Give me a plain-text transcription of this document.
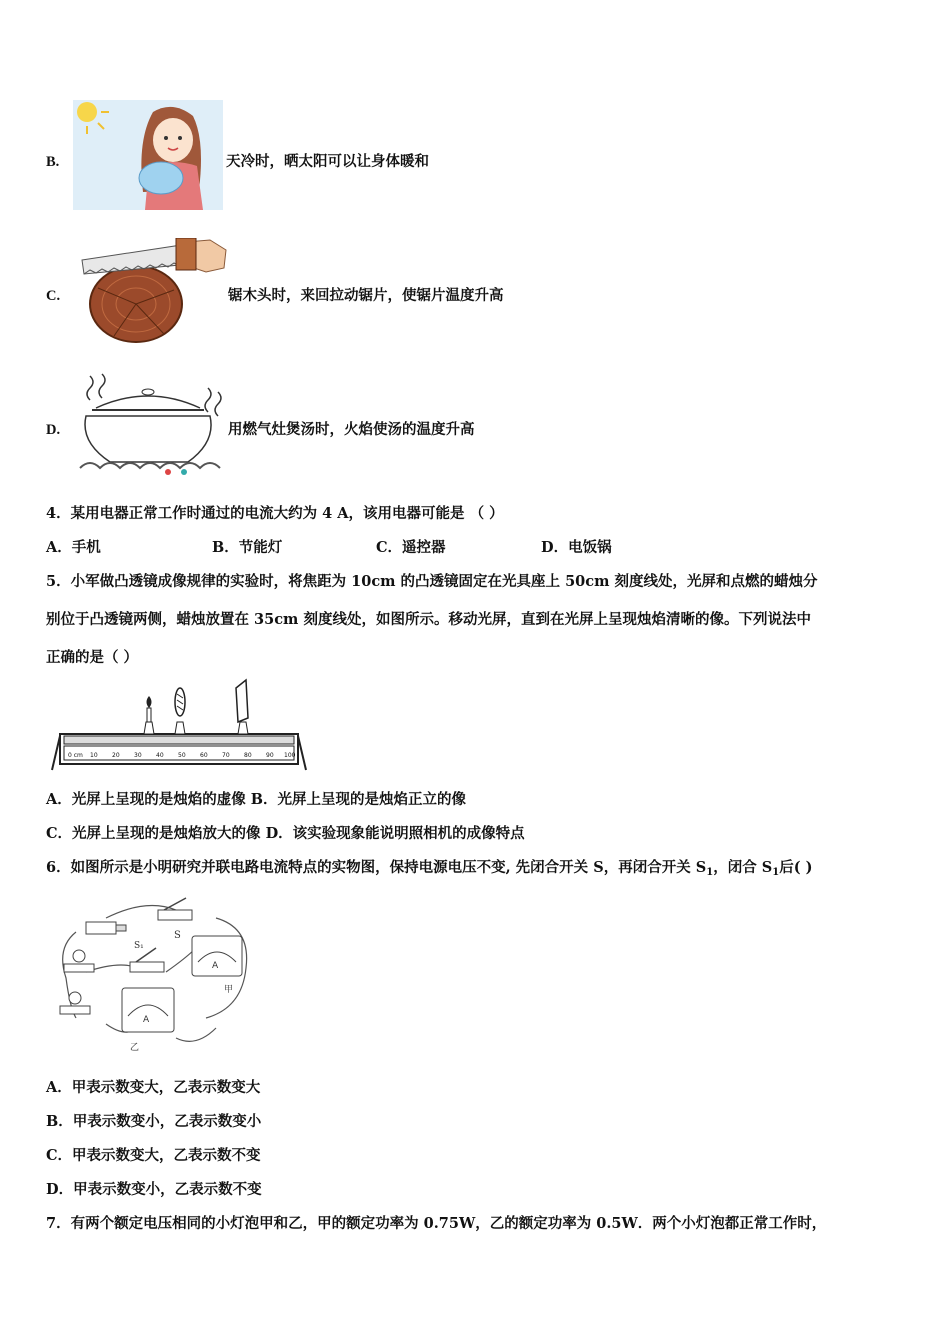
B.	天冷时，晒太阳可以让身体暖和
C.	锯木头时，来回拉动锯片，使锯片温度升高
D.	用燃气灶煲汤时，火焰使汤的温度升高
4．某用电器正常工作时通过的电流大约为 4 A，该用电器可能是 （ ）
A．手机	B．节能灯	C．遥控器	D．电饭锅
5．小军做凸透镜成像规律的实验时，将焦距为 10cm 的凸透镜固定在光具座上 50cm 刻度线处，光屏和点燃的蜡烛分
别位于凸透镜两侧，蜡烛放置在 35cm 刻度线处，如图所示。移动光屏，直到在光屏上呈现烛焰清晰的像。下列说法中
正确的是（ ）
0 cm 10 20 30 40 50 60 70 80 90 100
A．光屏上呈现的是烛焰的虚像 B．光屏上呈现的是烛焰正立的像
C．光屏上呈现的是烛焰放大的像 D．该实验现象能说明照相机的成像特点
6．如图所示是小明研究并联电路电流特点的实物图，保持电源电压不变, 先闭合开关 S，再闭合开关 $S_1$，闭合 $S_1$后( )
S
S₁
A
甲
A
乙
A．甲表示数变大，乙表示数变大
B．甲表示数变小，乙表示数变小
C．甲表示数变大，乙表示数不变
D．甲表示数变小，乙表示数不变
7．有两个额定电压相同的小灯泡甲和乙，甲的额定功率为 0.75W，乙的额定功率为 0.5W．两个小灯泡都正常工作时，
